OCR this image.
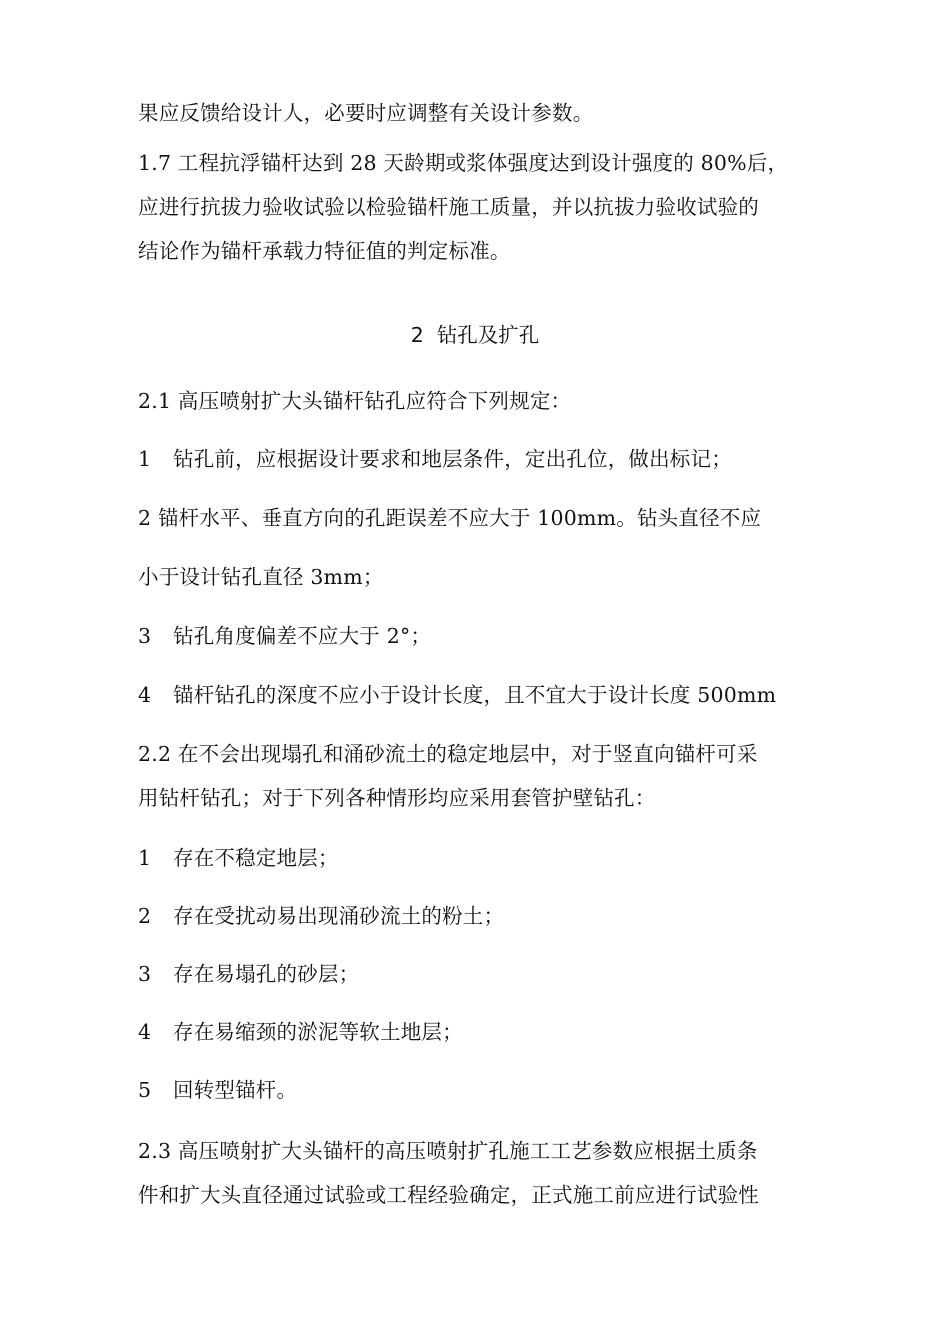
果应反馈给设计人，必要时应调整有关设计参数。
1.7 工程抗浮锚杆达到 28 天龄期或浆体强度达到设计强度的 80%后，
应进行抗拔力验收试验以检验锚杆施工质量，并以抗拔力验收试验的
结论作为锚杆承载力特征值的判定标准。
2  钻孔及扩孔
2.1 高压喷射扩大头锚杆钻孔应符合下列规定：
1 钻孔前，应根据设计要求和地层条件，定出孔位，做出标记；
2 锚杆水平、垂直方向的孔距误差不应大于 100mm。钻头直径不应
小于设计钻孔直径 3mm；
3 钻孔角度偏差不应大于 2°；
4 锚杆钻孔的深度不应小于设计长度，且不宜大于设计长度 500mm
2.2 在不会出现塌孔和涌砂流土的稳定地层中，对于竖直向锚杆可采
用钻杆钻孔；对于下列各种情形均应采用套管护壁钻孔：
1 存在不稳定地层；
2 存在受扰动易出现涌砂流土的粉土；
3 存在易塌孔的砂层；
4 存在易缩颈的淤泥等软土地层；
5 回转型锚杆。
2.3 高压喷射扩大头锚杆的高压喷射扩孔施工工艺参数应根据土质条
件和扩大头直径通过试验或工程经验确定，正式施工前应进行试验性
